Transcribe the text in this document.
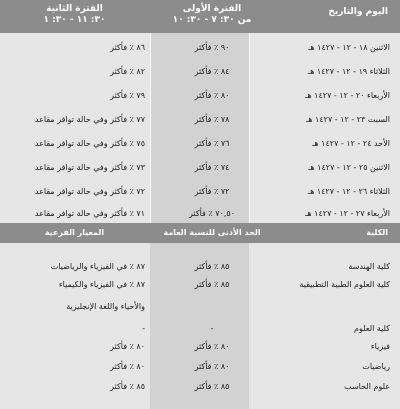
اليوم والتاريخ
الفترة الأولى
من ٣٠: ٧ - ٣٠: ١٠
الفترة الثانية
٣٠: ١١ - ٣٠: ١
الاثنين ١٨ - ١٢ - ١٤٢٧ هـ
٩٠ ٪ فأكثر
٨٦ ٪ فأكثر
الثلاثاء ١٩ - ١٢ - ١٤٢٧ هـ
٨٤ ٪ فأكثر
٨٢ ٪ فأكثر
الأربعاء ٢٠ - ١٢ - ١٤٢٧ هـ
٨٠ ٪ فأكثر
٧٩ ٪ فأكثر
السبت ٢٣ - ١٢ - ١٤٢٧ هـ
٧٨ ٪ فأكثر
٧٧ ٪ فأكثر وفي حالة توافر مقاعد
الأحد ٢٤ - ١٢ - ١٤٢٧ هـ
٧٦ ٪ فأكثر
٧٥ ٪ فأكثر وفي حالة توافر مقاعد
الاثنين ٢٥ - ١٢ - ١٤٢٧ هـ
٧٤ ٪ فأكثر
٧٣ ٪ فأكثر وفي حالة توافر مقاعد
الثلاثاء ٢٦ - ١٢ - ١٤٢٧ هـ
٧٢ ٪ فأكثر
٧٢ ٪ فأكثر وفي حالة توافر مقاعد
الأربعاء ٢٧ - ١٢ - ١٤٢٧ هـ
٧٠,٥٠ ٪ فأكثر
٧١ ٪ فأكثر وفي حالة توافر مقاعد
الكلية
الحد الأدنى للنسبة العامة
المعيار الفرعية
كلية الهندسة
٨٥ ٪ فأكثر
٨٧ ٪ في الفيزياء والرياضيات
كلية العلوم الطبية التطبيقية
٨٥ ٪ فأكثر
٨٧ ٪ في الفيزياء والكيمياء
والأحياء واللغة الإنجليزية
كلية العلوم
-
-
فيزياء
٨٠ ٪ فأكثر
٨٠ ٪ فأكثر
رياضيات
٨٠ ٪ فأكثر
٨٠ ٪ فأكثر
علوم الحاسب
٨٥ ٪ فأكثر
٨٥ ٪ فأكثر
